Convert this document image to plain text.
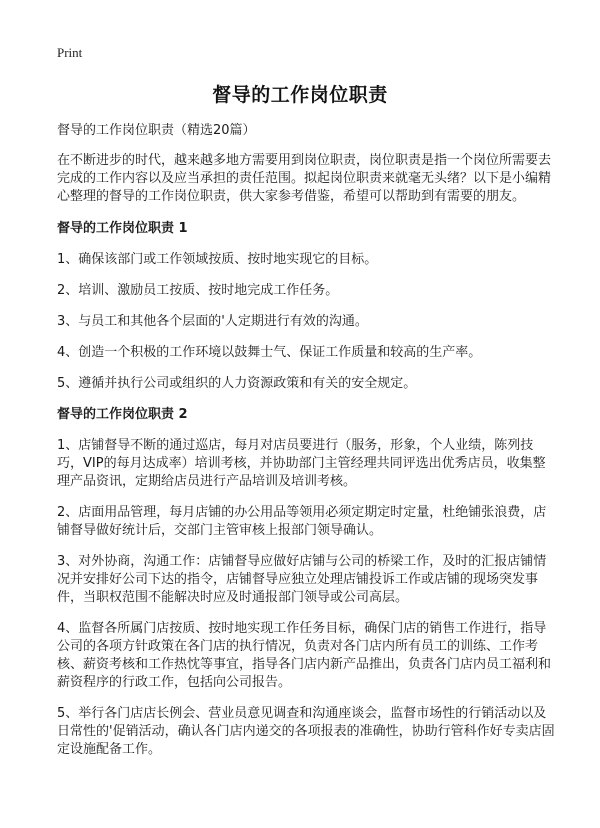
Print
督导的工作岗位职责

督导的工作岗位职责（精选20篇）

在不断进步的时代，越来越多地方需要用到岗位职责，岗位职责是指一个岗位所需要去完成的工作内容以及应当承担的责任范围。拟起岗位职责来就毫无头绪？以下是小编精心整理的督导的工作岗位职责，供大家参考借鉴，希望可以帮助到有需要的朋友。

督导的工作岗位职责 1

1、确保该部门或工作领域按质、按时地实现它的目标。

2、培训、激励员工按质、按时地完成工作任务。

3、与员工和其他各个层面的'人定期进行有效的沟通。

4、创造一个积极的工作环境以鼓舞士气、保证工作质量和较高的生产率。

5、遵循并执行公司或组织的人力资源政策和有关的安全规定。

督导的工作岗位职责 2

1、店铺督导不断的通过巡店，每月对店员要进行（服务，形象，个人业绩，陈列技巧，VIP的每月达成率）培训考核，并协助部门主管经理共同评选出优秀店员，收集整理产品资讯，定期给店员进行产品培训及培训考核。

2、店面用品管理，每月店铺的办公用品等领用必须定期定时定量，杜绝铺张浪费，店铺督导做好统计后，交部门主管审核上报部门领导确认。

3、对外协商，沟通工作：店铺督导应做好店铺与公司的桥梁工作，及时的汇报店铺情况并安排好公司下达的指令，店铺督导应独立处理店铺投诉工作或店铺的现场突发事件，当职权范围不能解决时应及时通报部门领导或公司高层。

4、监督各所属门店按质、按时地实现工作任务目标，确保门店的销售工作进行，指导公司的各项方针政策在各门店的执行情况，负责对各门店内所有员工的训练、工作考核、薪资考核和工作热忱等事宜，指导各门店内新产品推出，负责各门店内员工福利和薪资程序的行政工作，包括向公司报告。

5、举行各门店店长例会、营业员意见调查和沟通座谈会，监督市场性的行销活动以及日常性的'促销活动，确认各门店内递交的各项报表的准确性，协助行管科作好专卖店固定设施配备工作。
